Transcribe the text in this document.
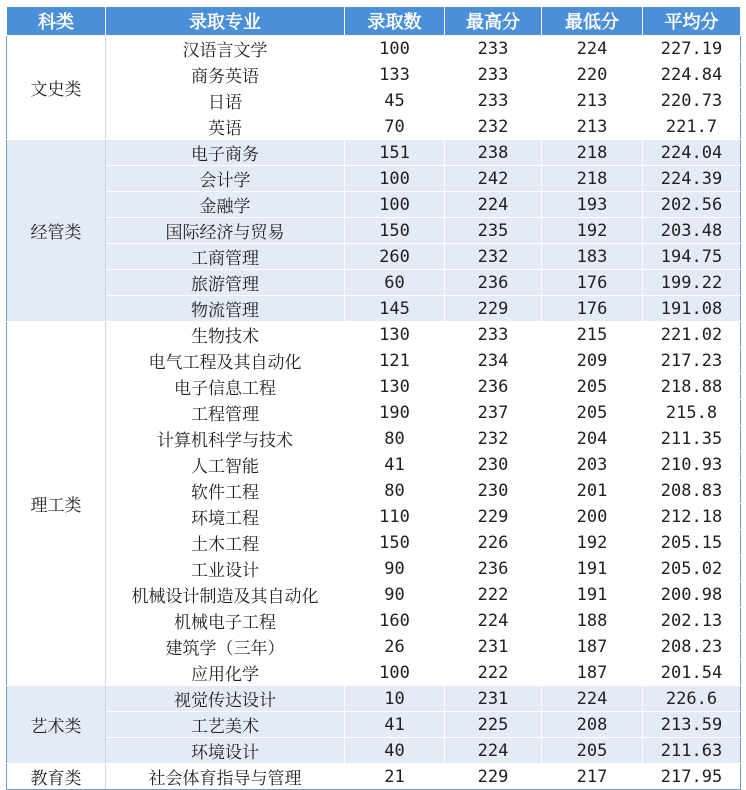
科类	录取专业	录取数	最高分	最低分	平均分
文史类	汉语言文学	100	233	224	227.19
	商务英语	133	233	220	224.84
	日语	45	233	213	220.73
	英语	70	232	213	221.7
经管类	电子商务	151	238	218	224.04
	会计学	100	242	218	224.39
	金融学	100	224	193	202.56
	国际经济与贸易	150	235	192	203.48
	工商管理	260	232	183	194.75
	旅游管理	60	236	176	199.22
	物流管理	145	229	176	191.08
理工类	生物技术	130	233	215	221.02
	电气工程及其自动化	121	234	209	217.23
	电子信息工程	130	236	205	218.88
	工程管理	190	237	205	215.8
	计算机科学与技术	80	232	204	211.35
	人工智能	41	230	203	210.93
	软件工程	80	230	201	208.83
	环境工程	110	229	200	212.18
	土木工程	150	226	192	205.15
	工业设计	90	236	191	205.02
	机械设计制造及其自动化	90	222	191	200.98
	机械电子工程	160	224	188	202.13
	建筑学（三年）	26	231	187	208.23
	应用化学	100	222	187	201.54
艺术类	视觉传达设计	10	231	224	226.6
	工艺美术	41	225	208	213.59
	环境设计	40	224	205	211.63
教育类	社会体育指导与管理	21	229	217	217.95
